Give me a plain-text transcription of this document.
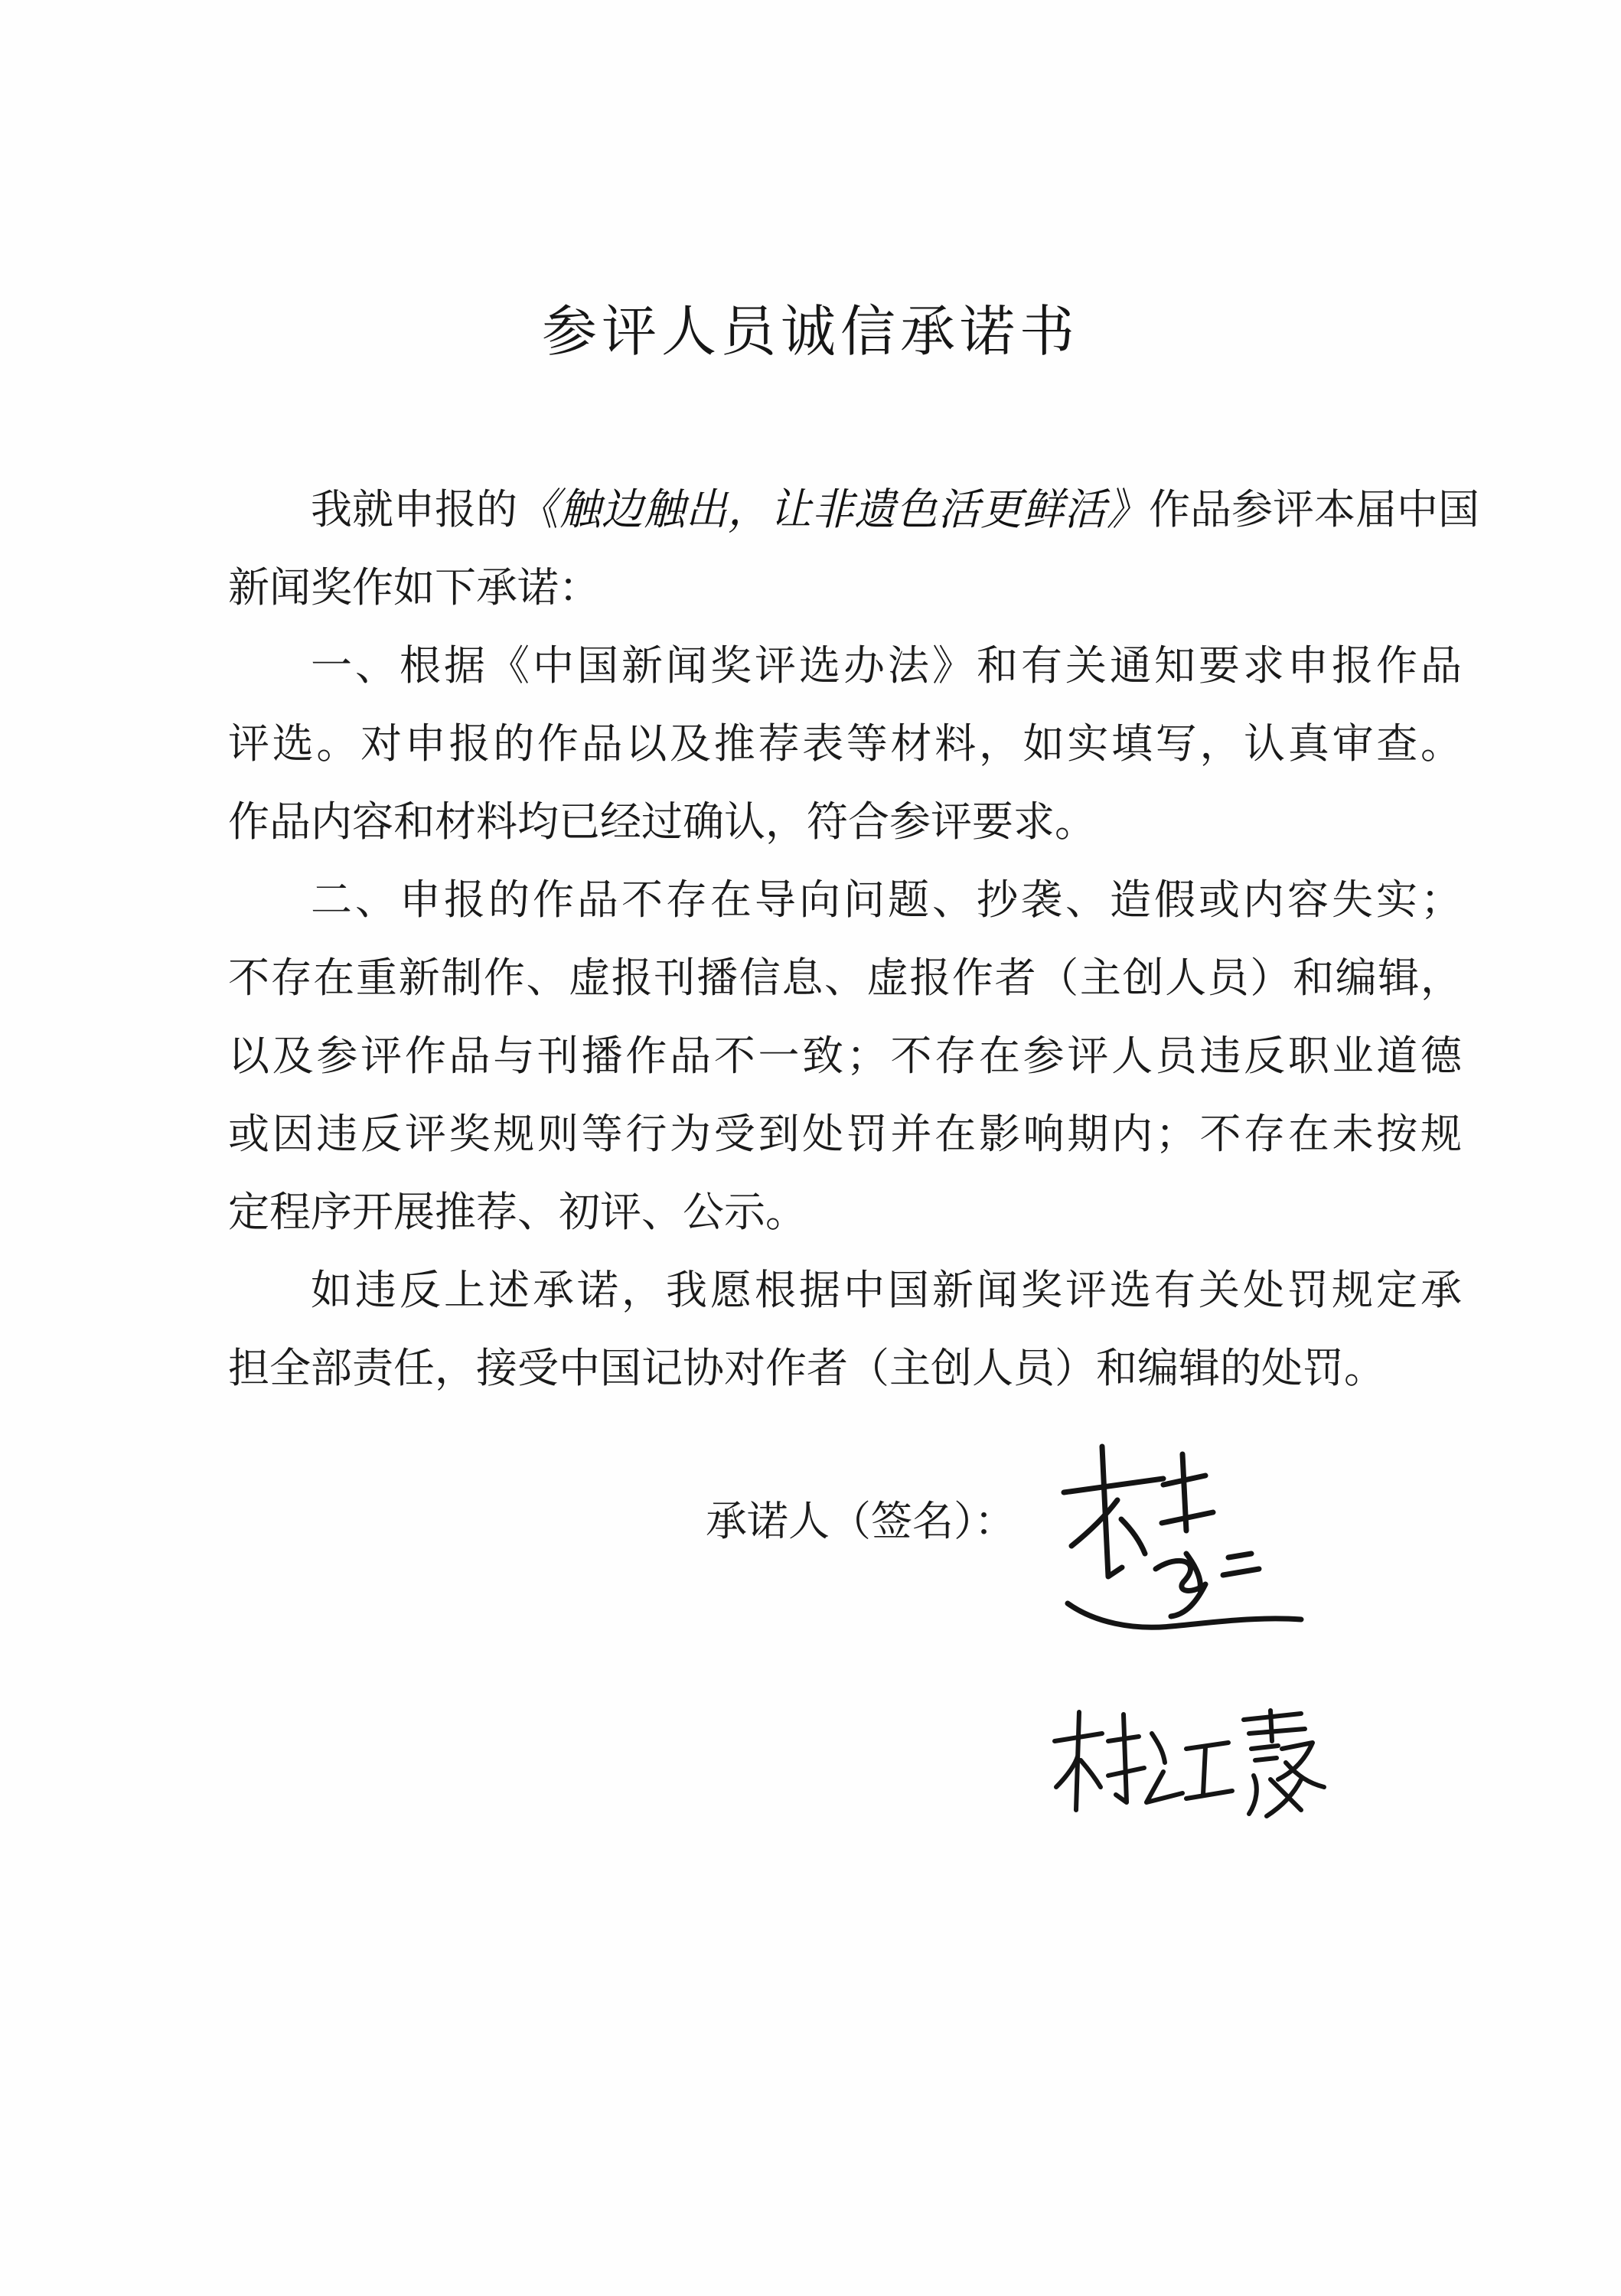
参评人员诚信承诺书
我就申报的《触边触出，让非遗色活更鲜活》作品参评本届中国
新闻奖作如下承诺：
一、根据《中国新闻奖评选办法》和有关通知要求申报作品
评选。对申报的作品以及推荐表等材料，如实填写，认真审查。
作品内容和材料均已经过确认，符合参评要求。
二、申报的作品不存在导向问题、抄袭、造假或内容失实；
不存在重新制作、虚报刊播信息、虚报作者（主创人员）和编辑，
以及参评作品与刊播作品不一致；不存在参评人员违反职业道德
或因违反评奖规则等行为受到处罚并在影响期内；不存在未按规
定程序开展推荐、初评、公示。
如违反上述承诺，我愿根据中国新闻奖评选有关处罚规定承
担全部责任，接受中国记协对作者（主创人员）和编辑的处罚。
承诺人（签名）：
